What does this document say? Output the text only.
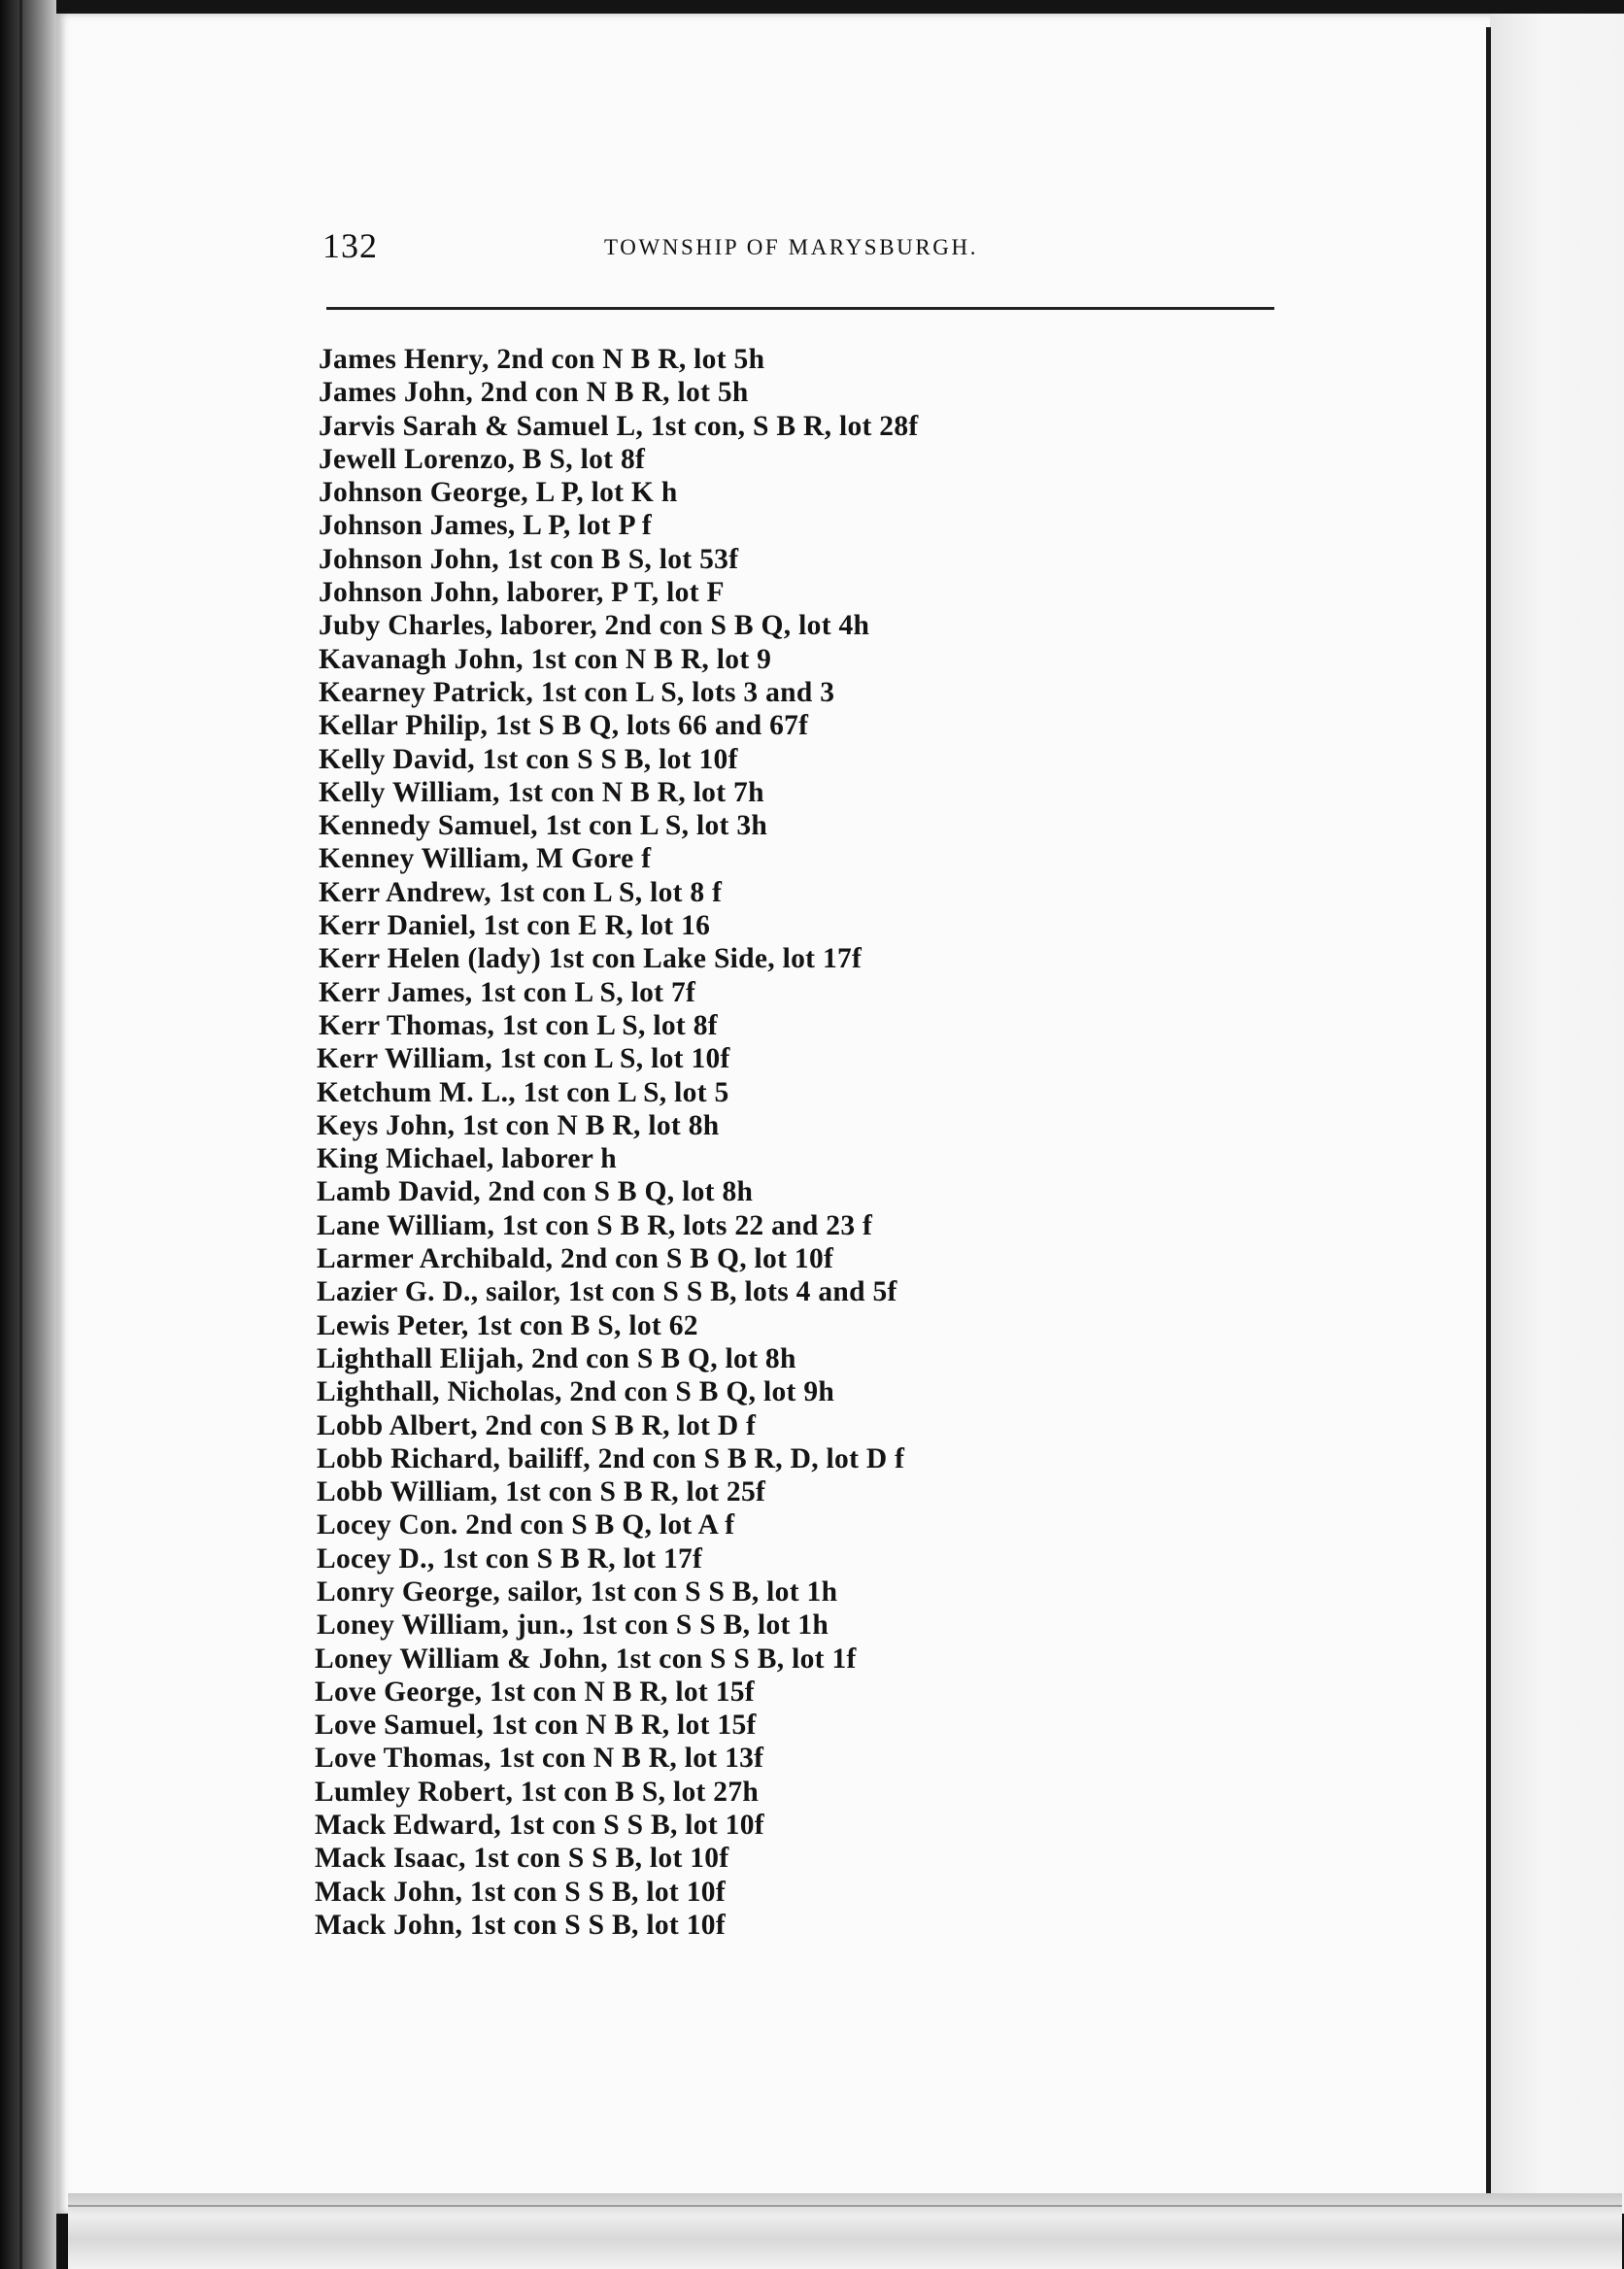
132	TOWNSHIP OF MARYSBURGH.
James Henry, 2nd con N B R, lot 5h
James John, 2nd con N B R, lot 5h
Jarvis Sarah & Samuel L, 1st con, S B R, lot 28f
Jewell Lorenzo, B S, lot 8f
Johnson George, L P, lot K h
Johnson James, L P, lot P f
Johnson John, 1st con B S, lot 53f
Johnson John, laborer, P T, lot F
Juby Charles, laborer, 2nd con S B Q, lot 4h
Kavanagh John, 1st con N B R, lot 9
Kearney Patrick, 1st con L S, lots 3 and 3
Kellar Philip, 1st S B Q, lots 66 and 67f
Kelly David, 1st con S S B, lot 10f
Kelly William, 1st con N B R, lot 7h
Kennedy Samuel, 1st con L S, lot 3h
Kenney William, M Gore f
Kerr Andrew, 1st con L S, lot 8 f
Kerr Daniel, 1st con E R, lot 16
Kerr Helen (lady) 1st con Lake Side, lot 17f
Kerr James, 1st con L S, lot 7f
Kerr Thomas, 1st con L S, lot 8f
Kerr William, 1st con L S, lot 10f
Ketchum M. L., 1st con L S, lot 5
Keys John, 1st con N B R, lot 8h
King Michael, laborer h
Lamb David, 2nd con S B Q, lot 8h
Lane William, 1st con S B R, lots 22 and 23 f
Larmer Archibald, 2nd con S B Q, lot 10f
Lazier G. D., sailor, 1st con S S B, lots 4 and 5f
Lewis Peter, 1st con B S, lot 62
Lighthall Elijah, 2nd con S B Q, lot 8h
Lighthall, Nicholas, 2nd con S B Q, lot 9h
Lobb Albert, 2nd con S B R, lot D f
Lobb Richard, bailiff, 2nd con S B R, D, lot D f
Lobb William, 1st con S B R, lot 25f
Locey Con. 2nd con S B Q, lot A f
Locey D., 1st con S B R, lot 17f
Lonry George, sailor, 1st con S S B, lot 1h
Loney William, jun., 1st con S S B, lot 1h
Loney William & John, 1st con S S B, lot 1f
Love George, 1st con N B R, lot 15f
Love Samuel, 1st con N B R, lot 15f
Love Thomas, 1st con N B R, lot 13f
Lumley Robert, 1st con B S, lot 27h
Mack Edward, 1st con S S B, lot 10f
Mack Isaac, 1st con S S B, lot 10f
Mack John, 1st con S S B, lot 10f
Mack John, 1st con S S B, lot 10f
